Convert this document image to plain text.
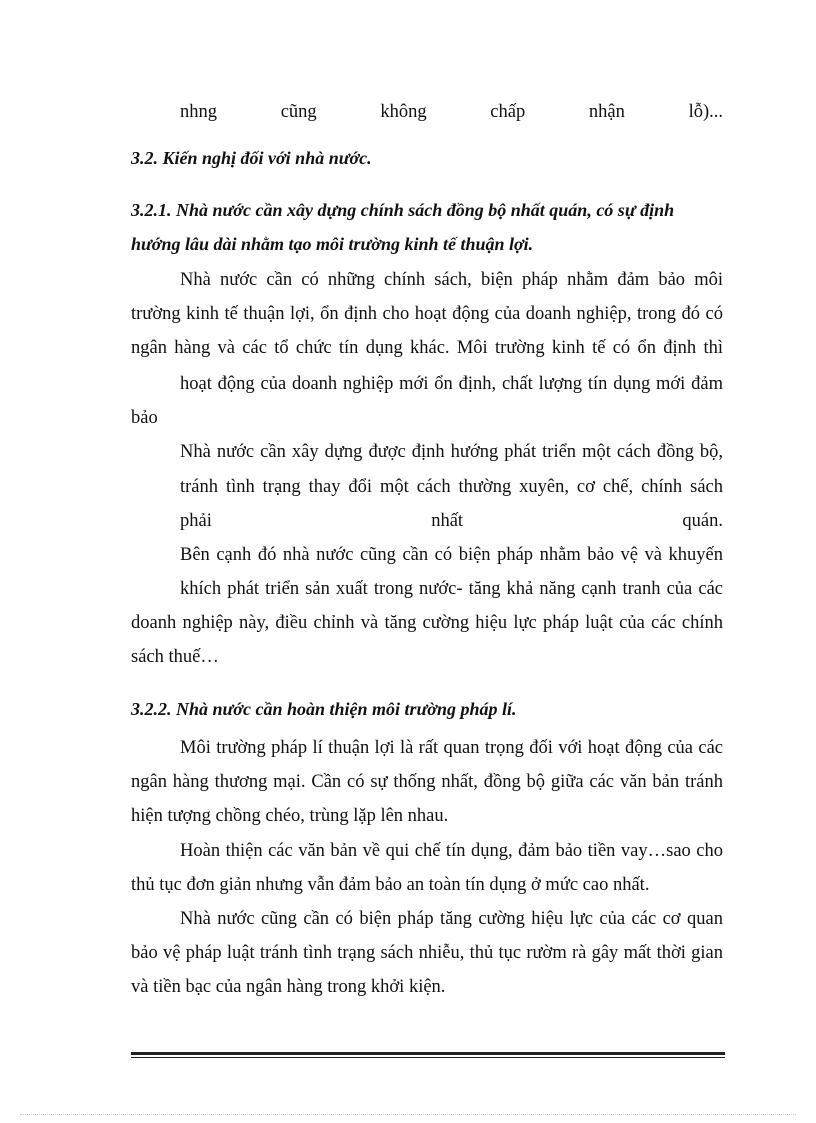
nhng	cũng	không	chấp	nhận	lỗ)...
3.2. Kiến nghị đối với nhà nước.
3.2.1. Nhà nước cần xây dựng chính sách đồng bộ nhất quán, có sự định
hướng lâu dài nhằm tạo môi trường kinh tế thuận lợi.
Nhà nước cần có những chính sách, biện pháp nhằm đảm bảo môi
trường kinh tế thuận lợi, ổn định cho hoạt động của doanh nghiệp, trong đó có
ngân hàng và các tổ chức tín dụng khác. Môi trường kinh tế có ổn định thì
hoạt động của doanh nghiệp mới ổn định, chất lượng tín dụng mới đảm
bảo
Nhà nước cần xây dựng được định hướng phát triển một cách đồng bộ,
tránh tình trạng thay đổi một cách thường xuyên, cơ chế, chính sách
phải	nhất	quán.
Bên cạnh đó nhà nước cũng cần có biện pháp nhằm bảo vệ và khuyến
khích phát triển sản xuất trong nước- tăng khả năng cạnh tranh của các
doanh nghiệp này, điều chỉnh và tăng cường hiệu lực pháp luật của các chính
sách thuế…
3.2.2. Nhà nước cần hoàn thiện môi trường pháp lí.
Môi trường pháp lí thuận lợi là rất quan trọng đối với hoạt động của các
ngân hàng thương mại. Cần có sự thống nhất, đồng bộ giữa các văn bản tránh
hiện tượng chồng chéo, trùng lặp lên nhau.
Hoàn thiện các văn bản về qui chế tín dụng, đảm bảo tiền vay…sao cho
thủ tục đơn giản nhưng vẫn đảm bảo an toàn tín dụng ở mức cao nhất.
Nhà nước cũng cần có biện pháp tăng cường hiệu lực của các cơ quan
bảo vệ pháp luật tránh tình trạng sách nhiễu, thủ tục rườm rà gây mất thời gian
và tiền bạc của ngân hàng trong khởi kiện.
